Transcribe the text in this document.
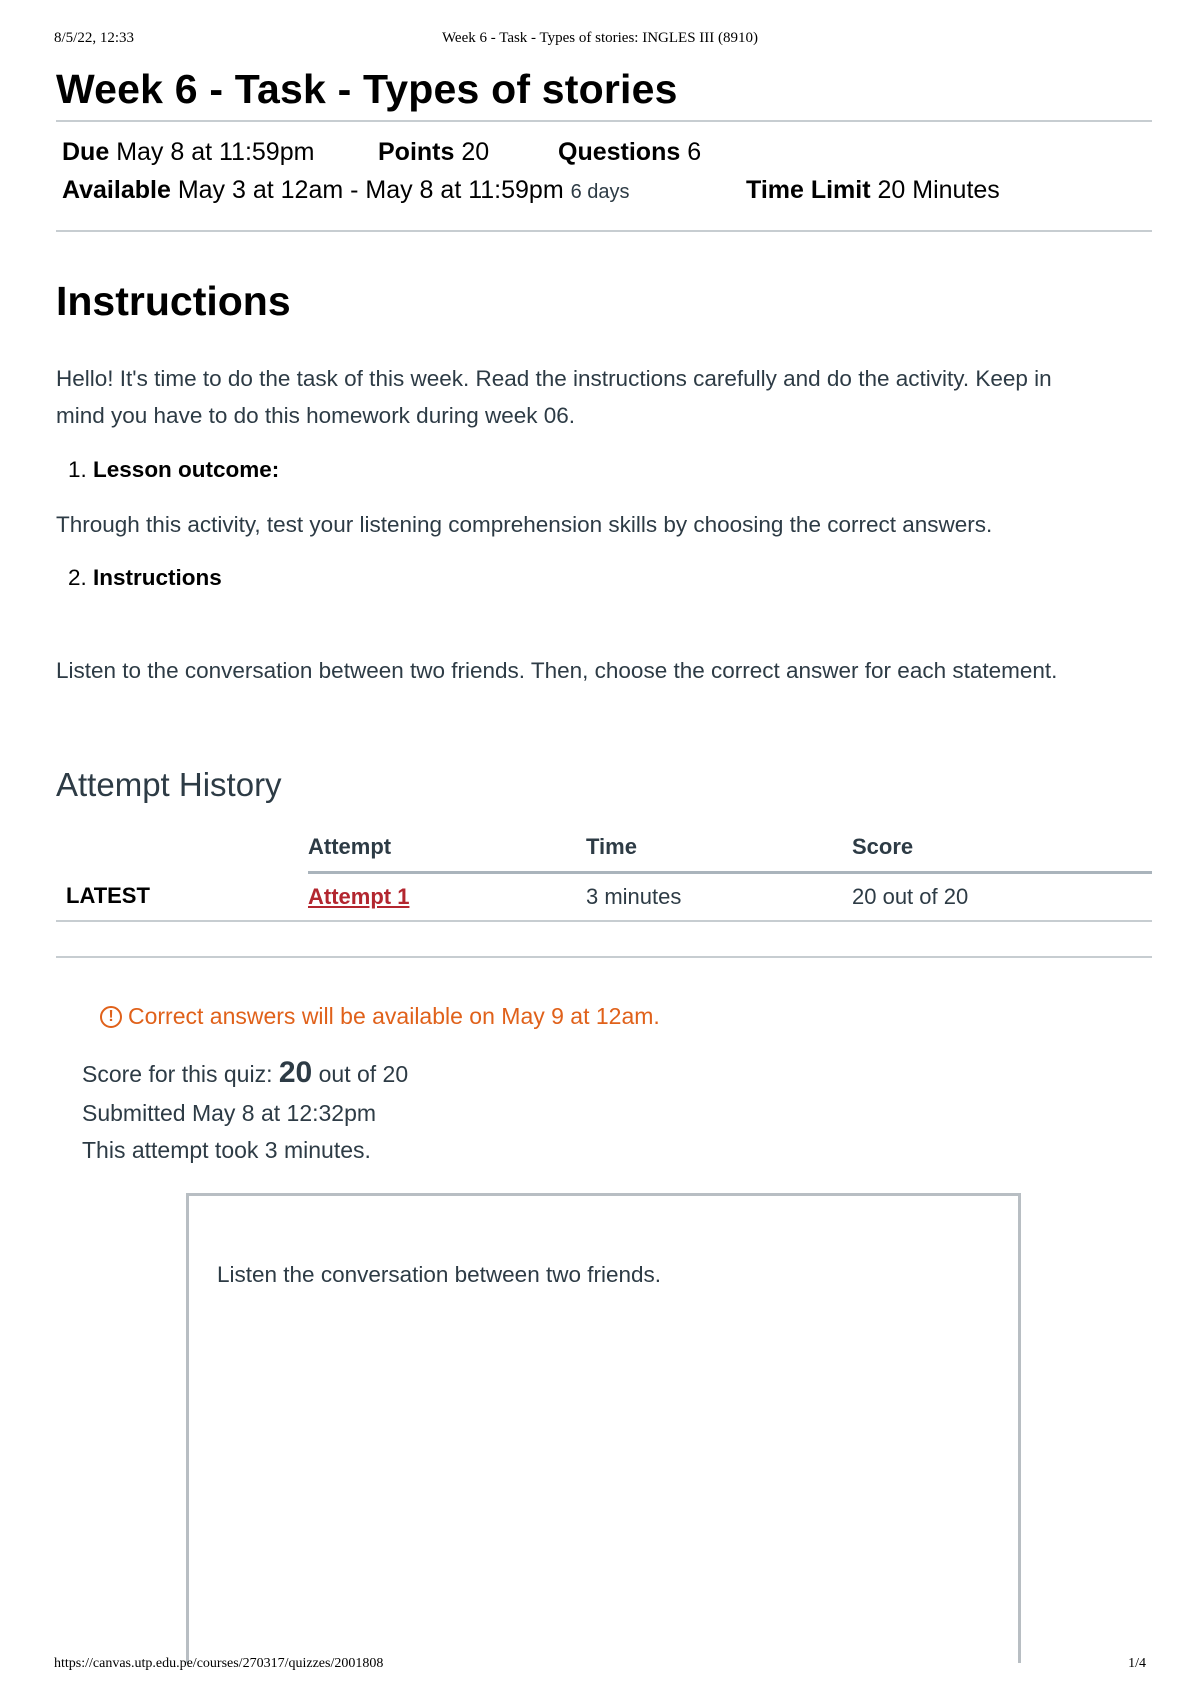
8/5/22, 12:33	Week 6 - Task - Types of stories: INGLES III (8910)
Week 6 - Task - Types of stories
Due May 8 at 11:59pm	Points 20	Questions 6
Available May 3 at 12am - May 8 at 11:59pm 6 days	Time Limit 20 Minutes
Instructions
Hello! It's time to do the task of this week. Read the instructions carefully and do the activity. Keep in
mind you have to do this homework during week 06.
1. Lesson outcome:
Through this activity, test your listening comprehension skills by choosing the correct answers.
2. Instructions
Listen to the conversation between two friends. Then, choose the correct answer for each statement.
Attempt History
	Attempt	Time	Score
LATEST	Attempt 1	3 minutes	20 out of 20
! Correct answers will be available on May 9 at 12am.
Score for this quiz: 20 out of 20
Submitted May 8 at 12:32pm
This attempt took 3 minutes.
Listen the conversation between two friends.
https://canvas.utp.edu.pe/courses/270317/quizzes/2001808	1/4
